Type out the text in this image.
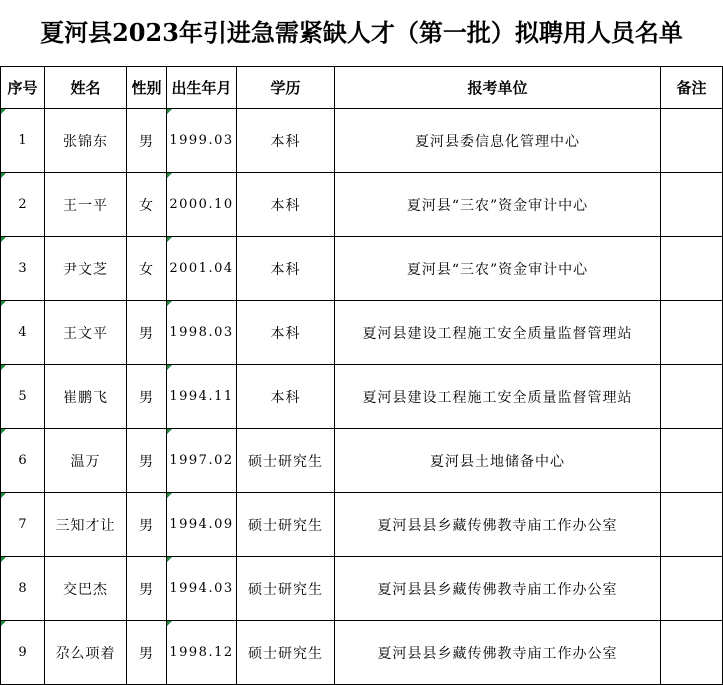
夏河县2023年引进急需紧缺人才（第一批）拟聘用人员名单
序号	姓名	性别	出生年月	学历	报考单位	备注

1	张锦东	男	1999.03	本科	夏河县委信息化管理中心	

2	王一平	女	2000.10	本科	夏河县“三农”资金审计中心	

3	尹文芝	女	2001.04	本科	夏河县“三农”资金审计中心	

4	王文平	男	1998.03	本科	夏河县建设工程施工安全质量监督管理站	

5	崔鹏飞	男	1994.11	本科	夏河县建设工程施工安全质量监督管理站	

6	温万	男	1997.02	硕士研究生	夏河县土地储备中心	

7	三知才让	男	1994.09	硕士研究生	夏河县县乡藏传佛教寺庙工作办公室	

8	交巴杰	男	1994.03	硕士研究生	夏河县县乡藏传佛教寺庙工作办公室	

9	尕么项着	男	1998.12	硕士研究生	夏河县县乡藏传佛教寺庙工作办公室	
